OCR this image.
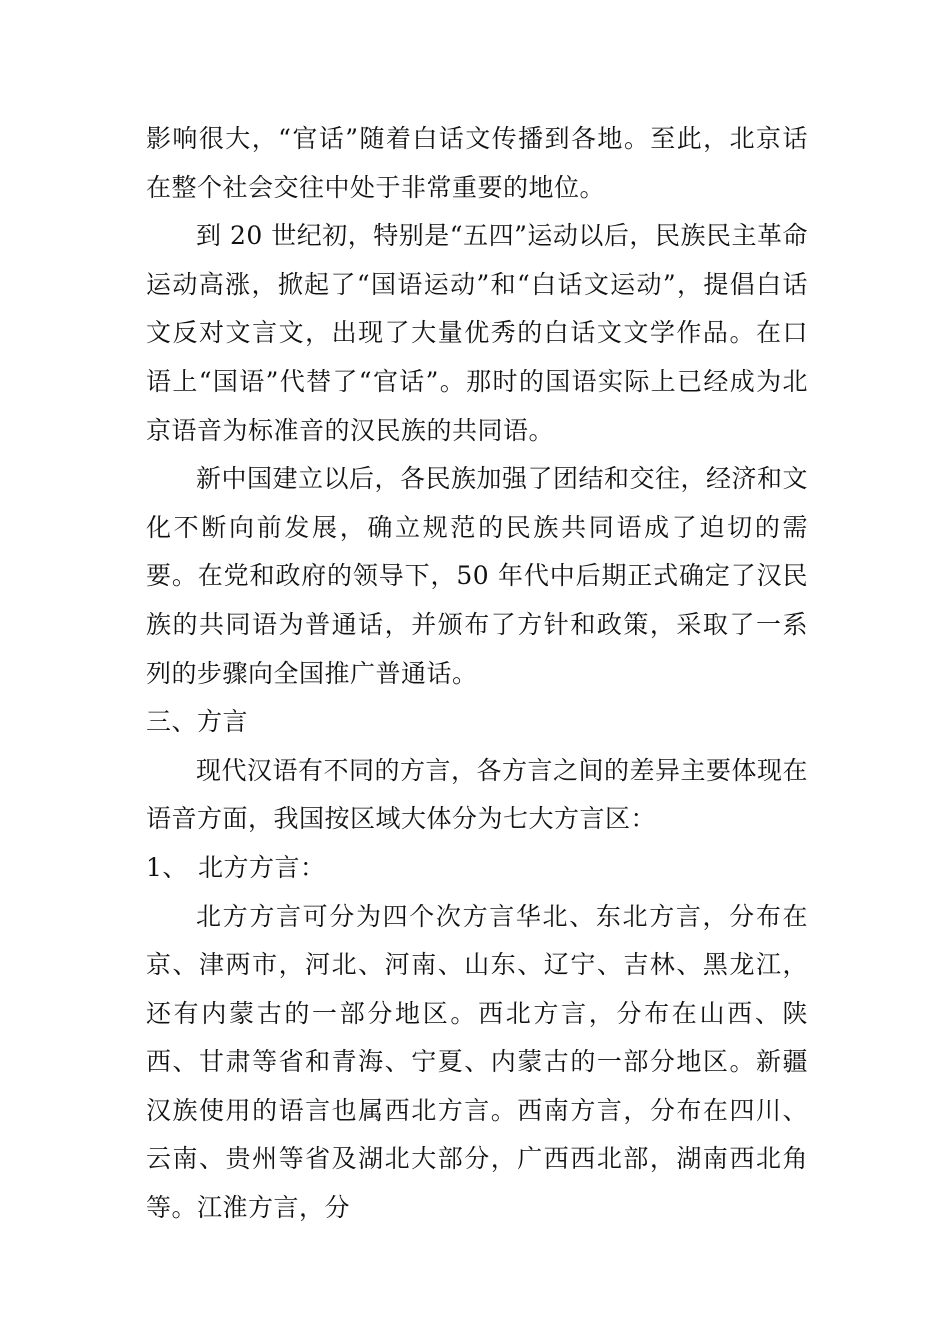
影响很大，“官话”随着白话文传播到各地。至此，北京话在整个社会交往中处于非常重要的地位。

到 20 世纪初，特别是“五四”运动以后，民族民主革命运动高涨，掀起了“国语运动”和“白话文运动”，提倡白话文反对文言文，出现了大量优秀的白话文文学作品。在口语上“国语”代替了“官话”。那时的国语实际上已经成为北京语音为标准音的汉民族的共同语。

新中国建立以后，各民族加强了团结和交往，经济和文化不断向前发展，确立规范的民族共同语成了迫切的需要。在党和政府的领导下，50 年代中后期正式确定了汉民族的共同语为普通话，并颁布了方针和政策，采取了一系列的步骤向全国推广普通话。

三、方言

现代汉语有不同的方言，各方言之间的差异主要体现在语音方面，我国按区域大体分为七大方言区：

1、 北方方言：

北方方言可分为四个次方言华北、东北方言，分布在京、津两市，河北、河南、山东、辽宁、吉林、黑龙江，还有内蒙古的一部分地区。西北方言，分布在山西、陕西、甘肃等省和青海、宁夏、内蒙古的一部分地区。新疆汉族使用的语言也属西北方言。西南方言，分布在四川、云南、贵州等省及湖北大部分，广西西北部，湖南西北角等。江淮方言，分
